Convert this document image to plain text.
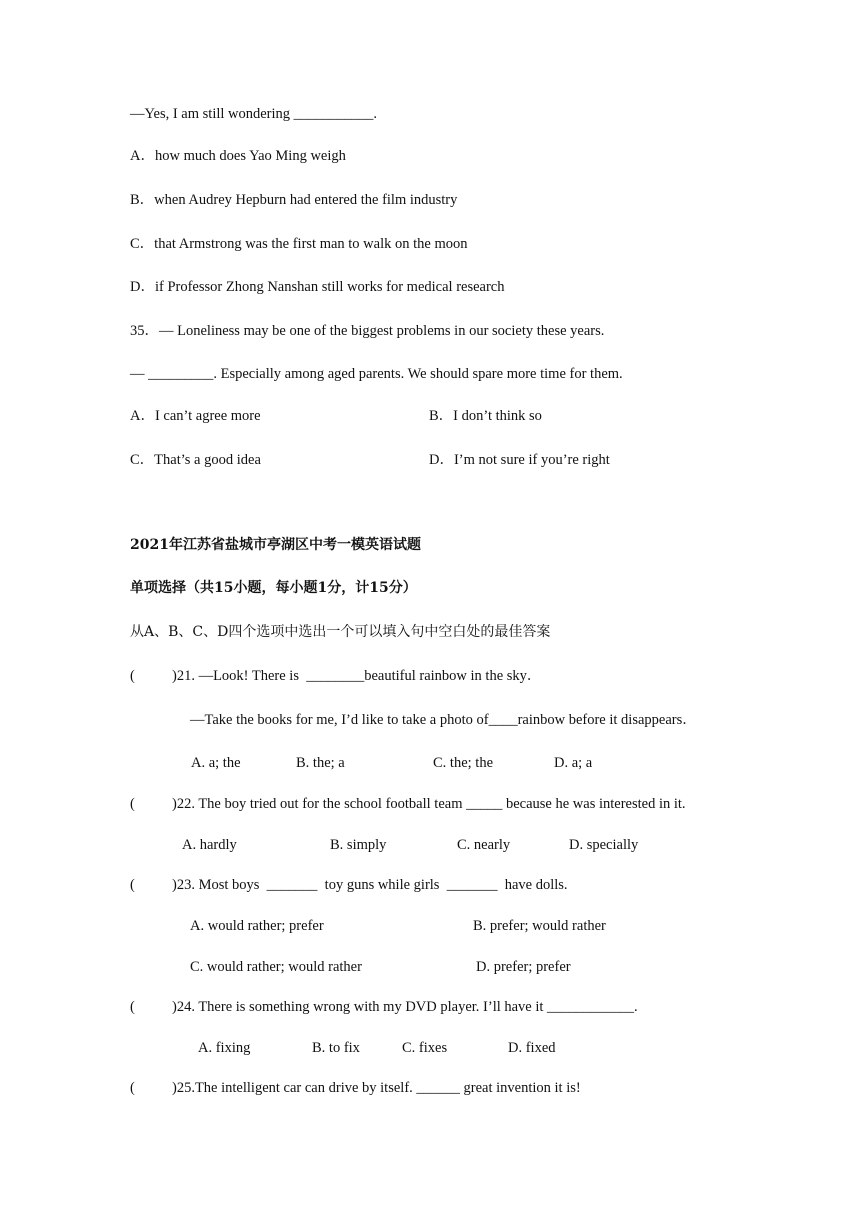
—Yes, I am still wondering ___________.
A．how much does Yao Ming weigh
B．when Audrey Hepburn had entered the film industry
C．that Armstrong was the first man to walk on the moon
D．if Professor Zhong Nanshan still works for medical research
35．— Loneliness may be one of the biggest problems in our society these years.
— _________. Especially among aged parents. We should spare more time for them.
A．I can’t agree more	B．I don’t think so
C．That’s a good idea	D．I’m not sure if you’re right
2021年江苏省盐城市亭湖区中考一模英语试题
单项选择（共15小题，每小题1分，计15分）
从A、B、C、D四个选项中选出一个可以填入句中空白处的最佳答案
(	)21. —Look! There is  ________beautiful rainbow in the sky．
—Take the books for me, I’d like to take a photo of____rainbow before it disappears．
A. a; the	B. the; a	C. the; the	D. a; a
(	)22. The boy tried out for the school football team _____ because he was interested in it.
A. hardly	B. simply	C. nearly	D. specially
(	)23. Most boys  _______  toy guns while girls  _______  have dolls.
A. would rather; prefer	B. prefer; would rather
C. would rather; would rather	D. prefer; prefer
(	)24. There is something wrong with my DVD player. I’ll have it ____________.
A. fixing	B. to fix	C. fixes	D. fixed
(	)25.The intelligent car can drive by itself. ______ great invention it is!
